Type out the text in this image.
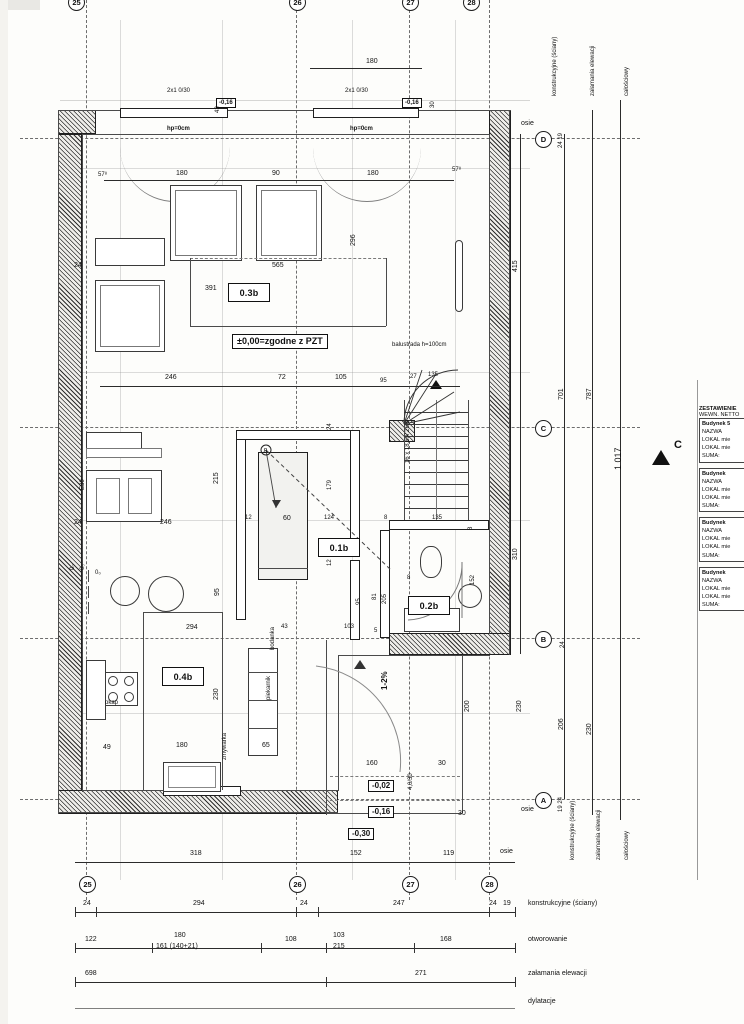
25	26	27	28
8
0.3b
0.1b
0.2b
0.4b
±0,00=zgodne z PZT	balustrada h=100cm
16 x 18,69/ 26,9
1-2%
2x1 0/30
-0,16
hp=0cm
2x1 0/30
-0,16
hp=0cm
43
30
180
57⁸
57⁸
180	90	180
565
391
296
24
24
E30
246	72	105	95
27 135
246
215
12	60	124	8	135
24
179
8
152
12
95
81 205
8
95
294	43	103
5
230
49	180	65
zmywarka
bodanka
piekarnik
okap
0₀
0₀ 0₀
160	30
200	230
30
4,0/30
-0,02
-0,16
-0,30
D
C
B
A
osie
osie
osie
415
310
701
206
787
230
1 017
24 19
24
19 24
konstrukcyjne (ściany)	załamania elewacji	całościowy
konstrukcyjne (ściany)	załamania elewacji	całościowy
C
25	26	27	28
318	152	119
24	294	24	247	24 19 konstrukcyjne (ściany)
122
180
161 (140+21)
108
103
215
168	otworowanie
698	271	załamania elewacji
dylatacje
ZESTAWIENIE
WEWN. NETTO
Budynek 5
NAZWA
LOKAL mie
LOKAL mie
SUMA:
Budynek
NAZWA
LOKAL mie
LOKAL mie
SUMA:
Budynek
NAZWA
LOKAL mie
LOKAL mie
SUMA:
Budynek
NAZWA
LOKAL mie
LOKAL mie
SUMA:
